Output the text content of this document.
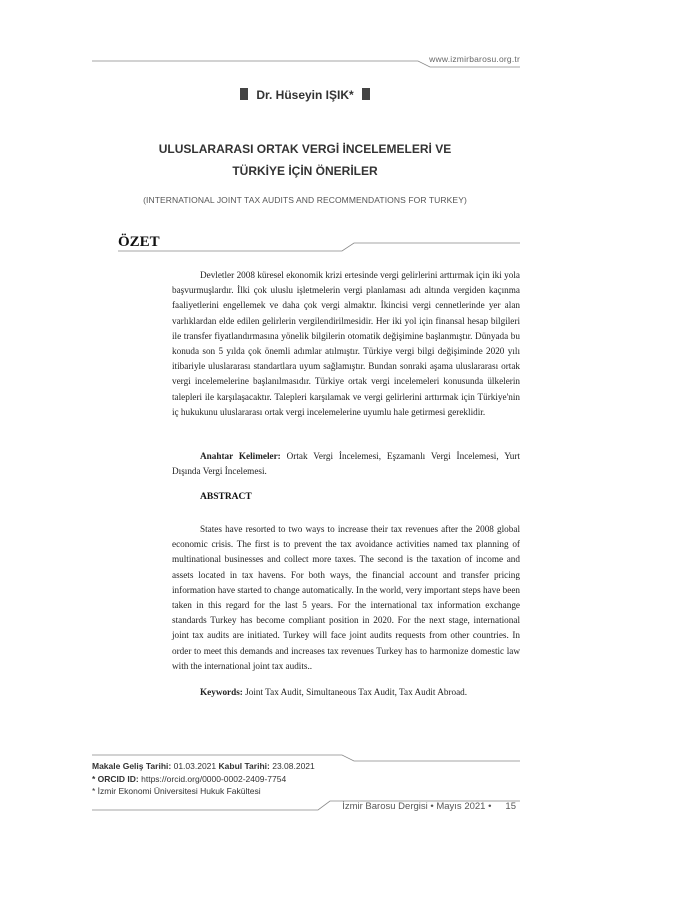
www.izmirbarosu.org.tr
Dr. Hüseyin IŞIK*
ULUSLARARASI ORTAK VERGİ İNCELEMELERİ VE
TÜRKİYE İÇİN ÖNERİLER
(INTERNATIONAL JOINT TAX AUDITS AND RECOMMENDATIONS FOR TURKEY)
ÖZET
Devletler 2008 küresel ekonomik krizi ertesinde vergi gelirlerini arttırmak için iki yola başvurmuşlardır. İlki çok uluslu işletmelerin vergi planlaması adı altında vergiden kaçınma faaliyetlerini engellemek ve daha çok vergi almaktır. İkincisi vergi cennetlerinde yer alan varlıklardan elde edilen gelirlerin vergilendirilmesidir. Her iki yol için finansal hesap bilgileri ile transfer fiyatlandırmasına yönelik bilgilerin otomatik değişimine başlanmıştır. Dünyada bu konuda son 5 yılda çok önemli adımlar atılmıştır. Türkiye vergi bilgi değişiminde 2020 yılı itibariyle uluslararası standartlara uyum sağlamıştır. Bundan sonraki aşama uluslararası ortak vergi incelemelerine başlanılmasıdır. Türkiye ortak vergi incelemeleri konusunda ülkelerin talepleri ile karşılaşacaktır. Talepleri karşılamak ve vergi gelirlerini arttırmak için Türkiye'nin iç hukukunu uluslararası ortak vergi incelemelerine uyumlu hale getirmesi gereklidir.
Anahtar Kelimeler: Ortak Vergi İncelemesi, Eşzamanlı Vergi İncelemesi, Yurt Dışında Vergi İncelemesi.
ABSTRACT
States have resorted to two ways to increase their tax revenues after the 2008 global economic crisis. The first is to prevent the tax avoidance activities named tax planning of multinational businesses and collect more taxes. The second is the taxation of income and assets located in tax havens. For both ways, the financial account and transfer pricing information have started to change automatically. In the world, very important steps have been taken in this regard for the last 5 years. For the international tax information exchange standards Turkey has become compliant position in 2020. For the next stage, international joint tax audits are initiated. Turkey will face joint audits requests from other countries. In order to meet this demands and increases tax revenues Turkey has to harmonize domestic law with the international joint tax audits..
Keywords: Joint Tax Audit, Simultaneous Tax Audit, Tax Audit Abroad.
Makale Geliş Tarihi: 01.03.2021 Kabul Tarihi: 23.08.2021
* ORCID ID: https://orcid.org/0000-0002-2409-7754
* İzmir Ekonomi Üniversitesi Hukuk Fakültesi
İzmir Barosu Dergisi • Mayıs 2021 • 15
